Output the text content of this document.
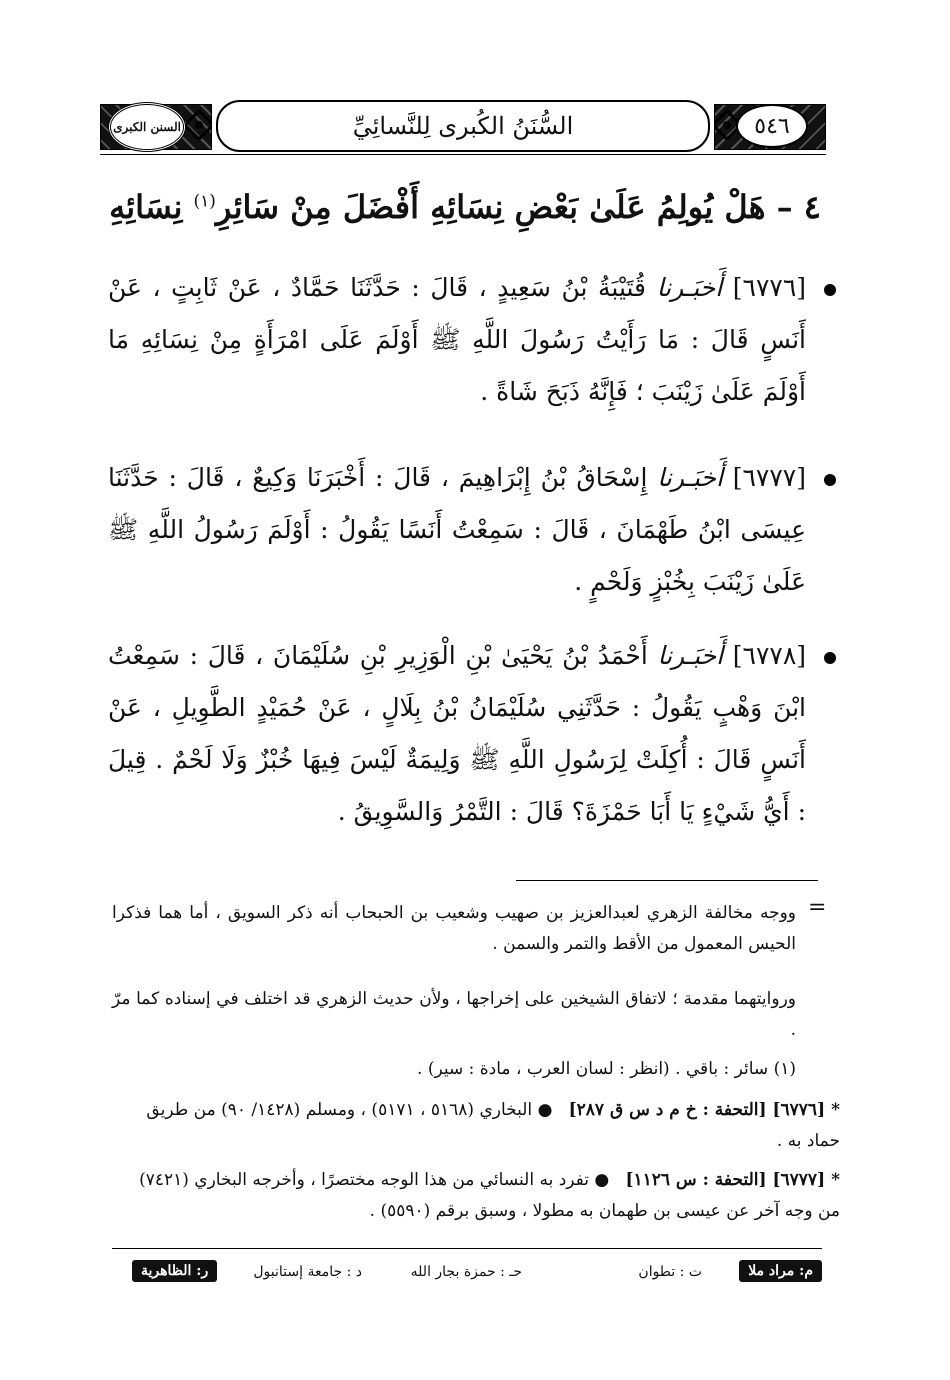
السنن الكبرى	السُّنَنُ الكُبرى لِلنَّسائِيِّ	٥٤٦
٤ – هَلْ يُولِمُ عَلَىٰ بَعْضِ نِسَائِهِ أَفْضَلَ مِنْ سَائِرِ$^{(١)}$ نِسَائِهِ

[٦٧٧٦] أَخبَـرنا قُتَيْبَةُ بْنُ سَعِيدٍ ، قَالَ : حَدَّثَنَا حَمَّادٌ ، عَنْ ثَابِتٍ ، عَنْ أَنَسٍ قَالَ : مَا رَأَيْتُ رَسُولَ اللَّهِ ﷺ أَوْلَمَ عَلَى امْرَأَةٍ مِنْ نِسَائِهِ مَا أَوْلَمَ عَلَىٰ زَيْنَبَ ؛ فَإِنَّهُ ذَبَحَ شَاةً .

[٦٧٧٧] أَخبَـرنا إِسْحَاقُ بْنُ إِبْرَاهِيمَ ، قَالَ : أَخْبَرَنَا وَكِيعٌ ، قَالَ : حَدَّثَنَا عِيسَى ابْنُ طَهْمَانَ ، قَالَ : سَمِعْتُ أَنَسًا يَقُولُ : أَوْلَمَ رَسُولُ اللَّهِ ﷺ عَلَىٰ زَيْنَبَ بِخُبْزٍ وَلَحْمٍ .

[٦٧٧٨] أَخبَـرنا أَحْمَدُ بْنُ يَحْيَىٰ بْنِ الْوَزِيرِ بْنِ سُلَيْمَانَ ، قَالَ : سَمِعْتُ ابْنَ وَهْبٍ يَقُولُ : حَدَّثَنِي سُلَيْمَانُ بْنُ بِلَالٍ ، عَنْ حُمَيْدٍ الطَّوِيلِ ، عَنْ أَنَسٍ قَالَ : أُكِلَتْ لِرَسُولِ اللَّهِ ﷺ وَلِيمَةٌ لَيْسَ فِيهَا خُبْزٌ وَلَا لَحْمٌ . قِيلَ : أَيُّ شَيْءٍ يَا أَبَا حَمْزَةَ؟ قَالَ : التَّمْرُ وَالسَّوِيقُ .

=

ووجه مخالفة الزهري لعبدالعزيز بن صهيب وشعيب بن الحبحاب أنه ذكر السويق ، أما هما فذكرا الحيس المعمول من الأقط والتمر والسمن .

وروايتهما مقدمة ؛ لاتفاق الشيخين على إخراجها ، ولأن حديث الزهري قد اختلف في إسناده كما مرّ .

(١) سائر : باقي . (انظر : لسان العرب ، مادة : سير) .

*[٦٧٧٦] [التحفة : خ م د س ق ٢٨٧]   ● البخاري (٥١٦٨ ، ٥١٧١) ، ومسلم (١٤٢٨/ ٩٠) من طريق حماد به .

*[٦٧٧٧] [التحفة : س ١١٢٦]   ● تفرد به النسائي من هذا الوجه مختصرًا ، وأخرجه البخاري (٧٤٢١) من وجه آخر عن عيسى بن طهمان به مطولا ، وسبق برقم (٥٥٩٠) .

م: مراد ملا
ت : تطوان
حـ : حمزة بجار الله
د : جامعة إستانبول
ر: الظاهرية
